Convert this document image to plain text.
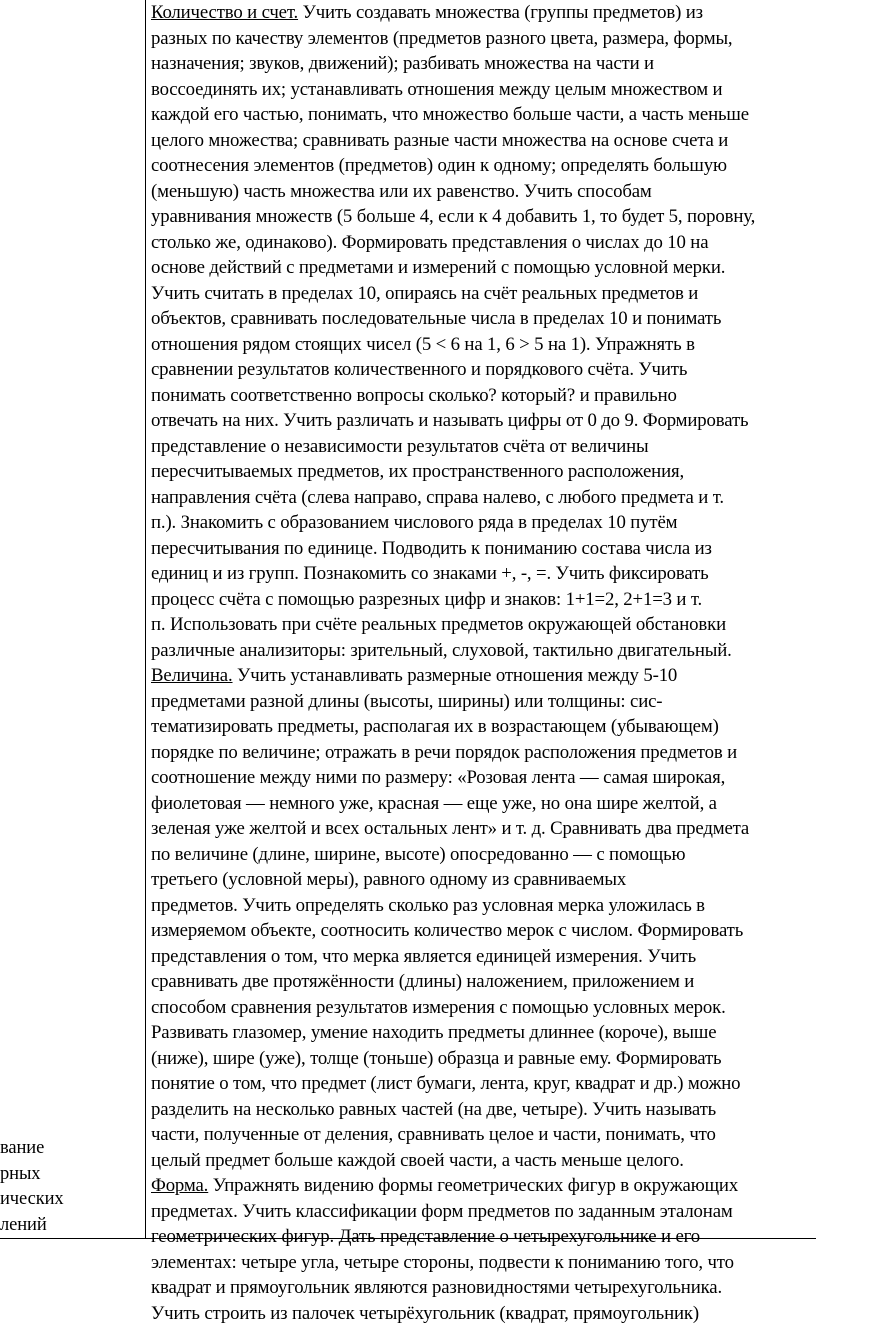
вание
рных
ических
лений
Количество и счет. Учить создавать множества (группы предметов) из
разных по качеству элементов (предметов разного цвета, размера, формы,
назначения; звуков, движений); разбивать множества на части и
воссоединять их; устанавливать отношения между целым множеством и
каждой его частью, понимать, что множество больше части, а часть меньше
целого множества; сравнивать разные части множества на основе счета и
соотнесения элементов (предметов) один к одному; определять большую
(меньшую) часть множества или их равенство. Учить способам
уравнивания множеств (5 больше 4, если к 4 добавить 1, то будет 5, поровну,
столько же, одинаково). Формировать представления о числах до 10 на
основе действий с предметами и измерений с помощью условной мерки.
Учить считать в пределах 10, опираясь на счёт реальных предметов и
объектов, сравнивать последовательные числа в пределах 10 и понимать
отношения рядом стоящих чисел (5 < 6 на 1, 6 > 5 на 1). Упражнять в
сравнении результатов количественного и порядкового счёта. Учить
понимать соответственно вопросы сколько? который? и правильно
отвечать на них. Учить различать и называть цифры от 0 до 9. Формировать
представление о независимости результатов счёта от величины
пересчитываемых предметов, их пространственного расположения,
направления счёта (слева направо, справа налево, с любого предмета и т.
п.). Знакомить с образованием числового ряда в пределах 10 путём
пересчитывания по единице. Подводить к пониманию состава числа из
единиц и из групп. Познакомить со знаками +, -, =. Учить фиксировать
процесс счёта с помощью разрезных цифр и знаков: 1+1=2, 2+1=3 и т.
п. Использовать при счёте реальных предметов окружающей обстановки
различные анализиторы: зрительный, слуховой, тактильно двигательный.
Величина. Учить устанавливать размерные отношения между 5-10
предметами разной длины (высоты, ширины) или толщины: сис-
тематизировать предметы, располагая их в возрастающем (убывающем)
порядке по величине; отражать в речи порядок расположения предметов и
соотношение между ними по размеру: «Розовая лента — самая широкая,
фиолетовая — немного уже, красная — еще уже, но она шире желтой, а
зеленая уже желтой и всех остальных лент» и т. д. Сравнивать два предмета
по величине (длине, ширине, высоте) опосредованно — с помощью
третьего (условной меры), равного одному из сравниваемых
предметов. Учить определять сколько раз условная мерка уложилась в
измеряемом объекте, соотносить количество мерок с числом. Формировать
представления о том, что мерка является единицей измерения. Учить
сравнивать две протяжённости (длины) наложением, приложением и
способом сравнения результатов измерения с помощью условных мерок.
Развивать глазомер, умение находить предметы длиннее (короче), выше
(ниже), шире (уже), толще (тоньше) образца и равные ему. Формировать
понятие о том, что предмет (лист бумаги, лента, круг, квадрат и др.) можно
разделить на несколько равных частей (на две, четыре). Учить называть
части, полученные от деления, сравнивать целое и части, понимать, что
целый предмет больше каждой своей части, а часть меньше целого.
Форма. Упражнять видению формы геометрических фигур в окружающих
предметах. Учить классификации форм предметов по заданным эталонам
геометрических фигур. Дать представление о четырехугольнике и его
элементах: четыре угла, четыре стороны, подвести к пониманию того, что
квадрат и прямоугольник являются разновидностями четырехугольника.
Учить строить из палочек четырёхугольник (квадрат, прямоугольник)
